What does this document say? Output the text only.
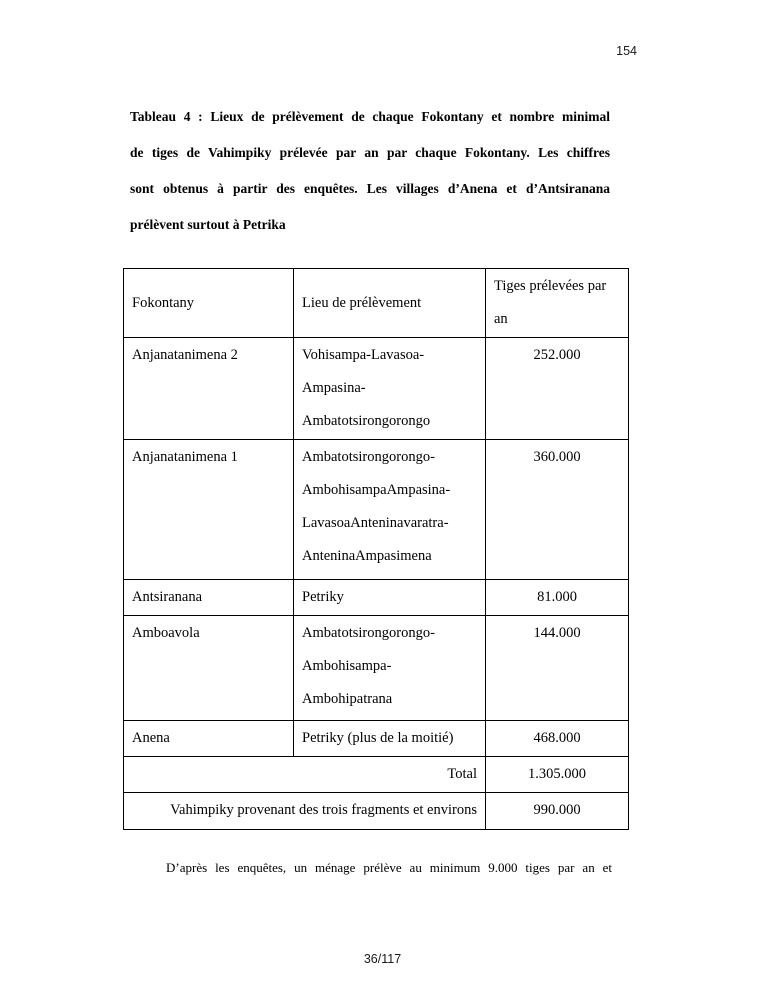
154
Tableau 4 : Lieux de prélèvement de chaque Fokontany et nombre minimal
de tiges de Vahimpiky prélevée par an par chaque Fokontany. Les chiffres
sont obtenus à partir des enquêtes. Les villages d’Anena et d’Antsiranana
prélèvent surtout à Petrika
Fokontany	Lieu de prélèvement	Tiges prélevées par an
Anjanatanimena 2	Vohisampa-Lavasoa-Ampasina-Ambatotsirongorongo	252.000
Anjanatanimena 1	Ambatotsirongorongo-AmbohisampaAmpasina-LavasoaAnteninavaratra-AnteninaAmpasimena	360.000
Antsiranana	Petriky	81.000
Amboavola	Ambatotsirongorongo-Ambohisampa-Ambohipatrana	144.000
Anena	Petriky (plus de la moitié)	468.000
Total		1.305.000
Vahimpiky provenant des trois fragments et environs		990.000
D’après les enquêtes, un ménage prélève au minimum 9.000 tiges par an et
36/117
